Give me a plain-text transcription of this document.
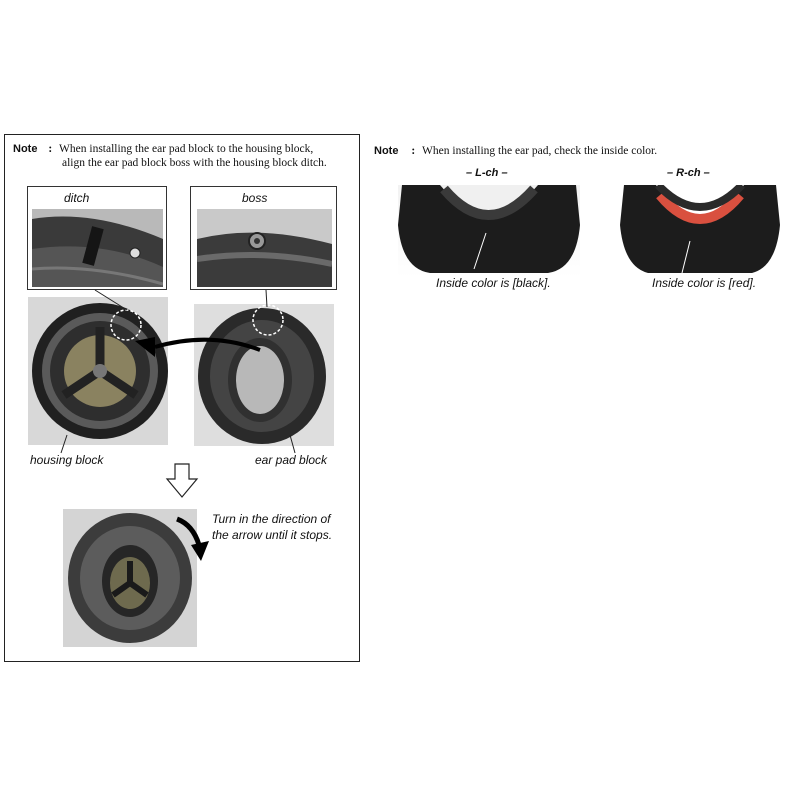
Note : When installing the ear pad block to the housing block,
align the ear pad block boss with the housing block ditch.
ditch	boss
housing block	ear pad block
Turn in the direction of
the arrow until it stops.
Note : When installing the ear pad, check the inside color.
– L-ch –	– R-ch –
Inside color is [black].	Inside color is [red].
